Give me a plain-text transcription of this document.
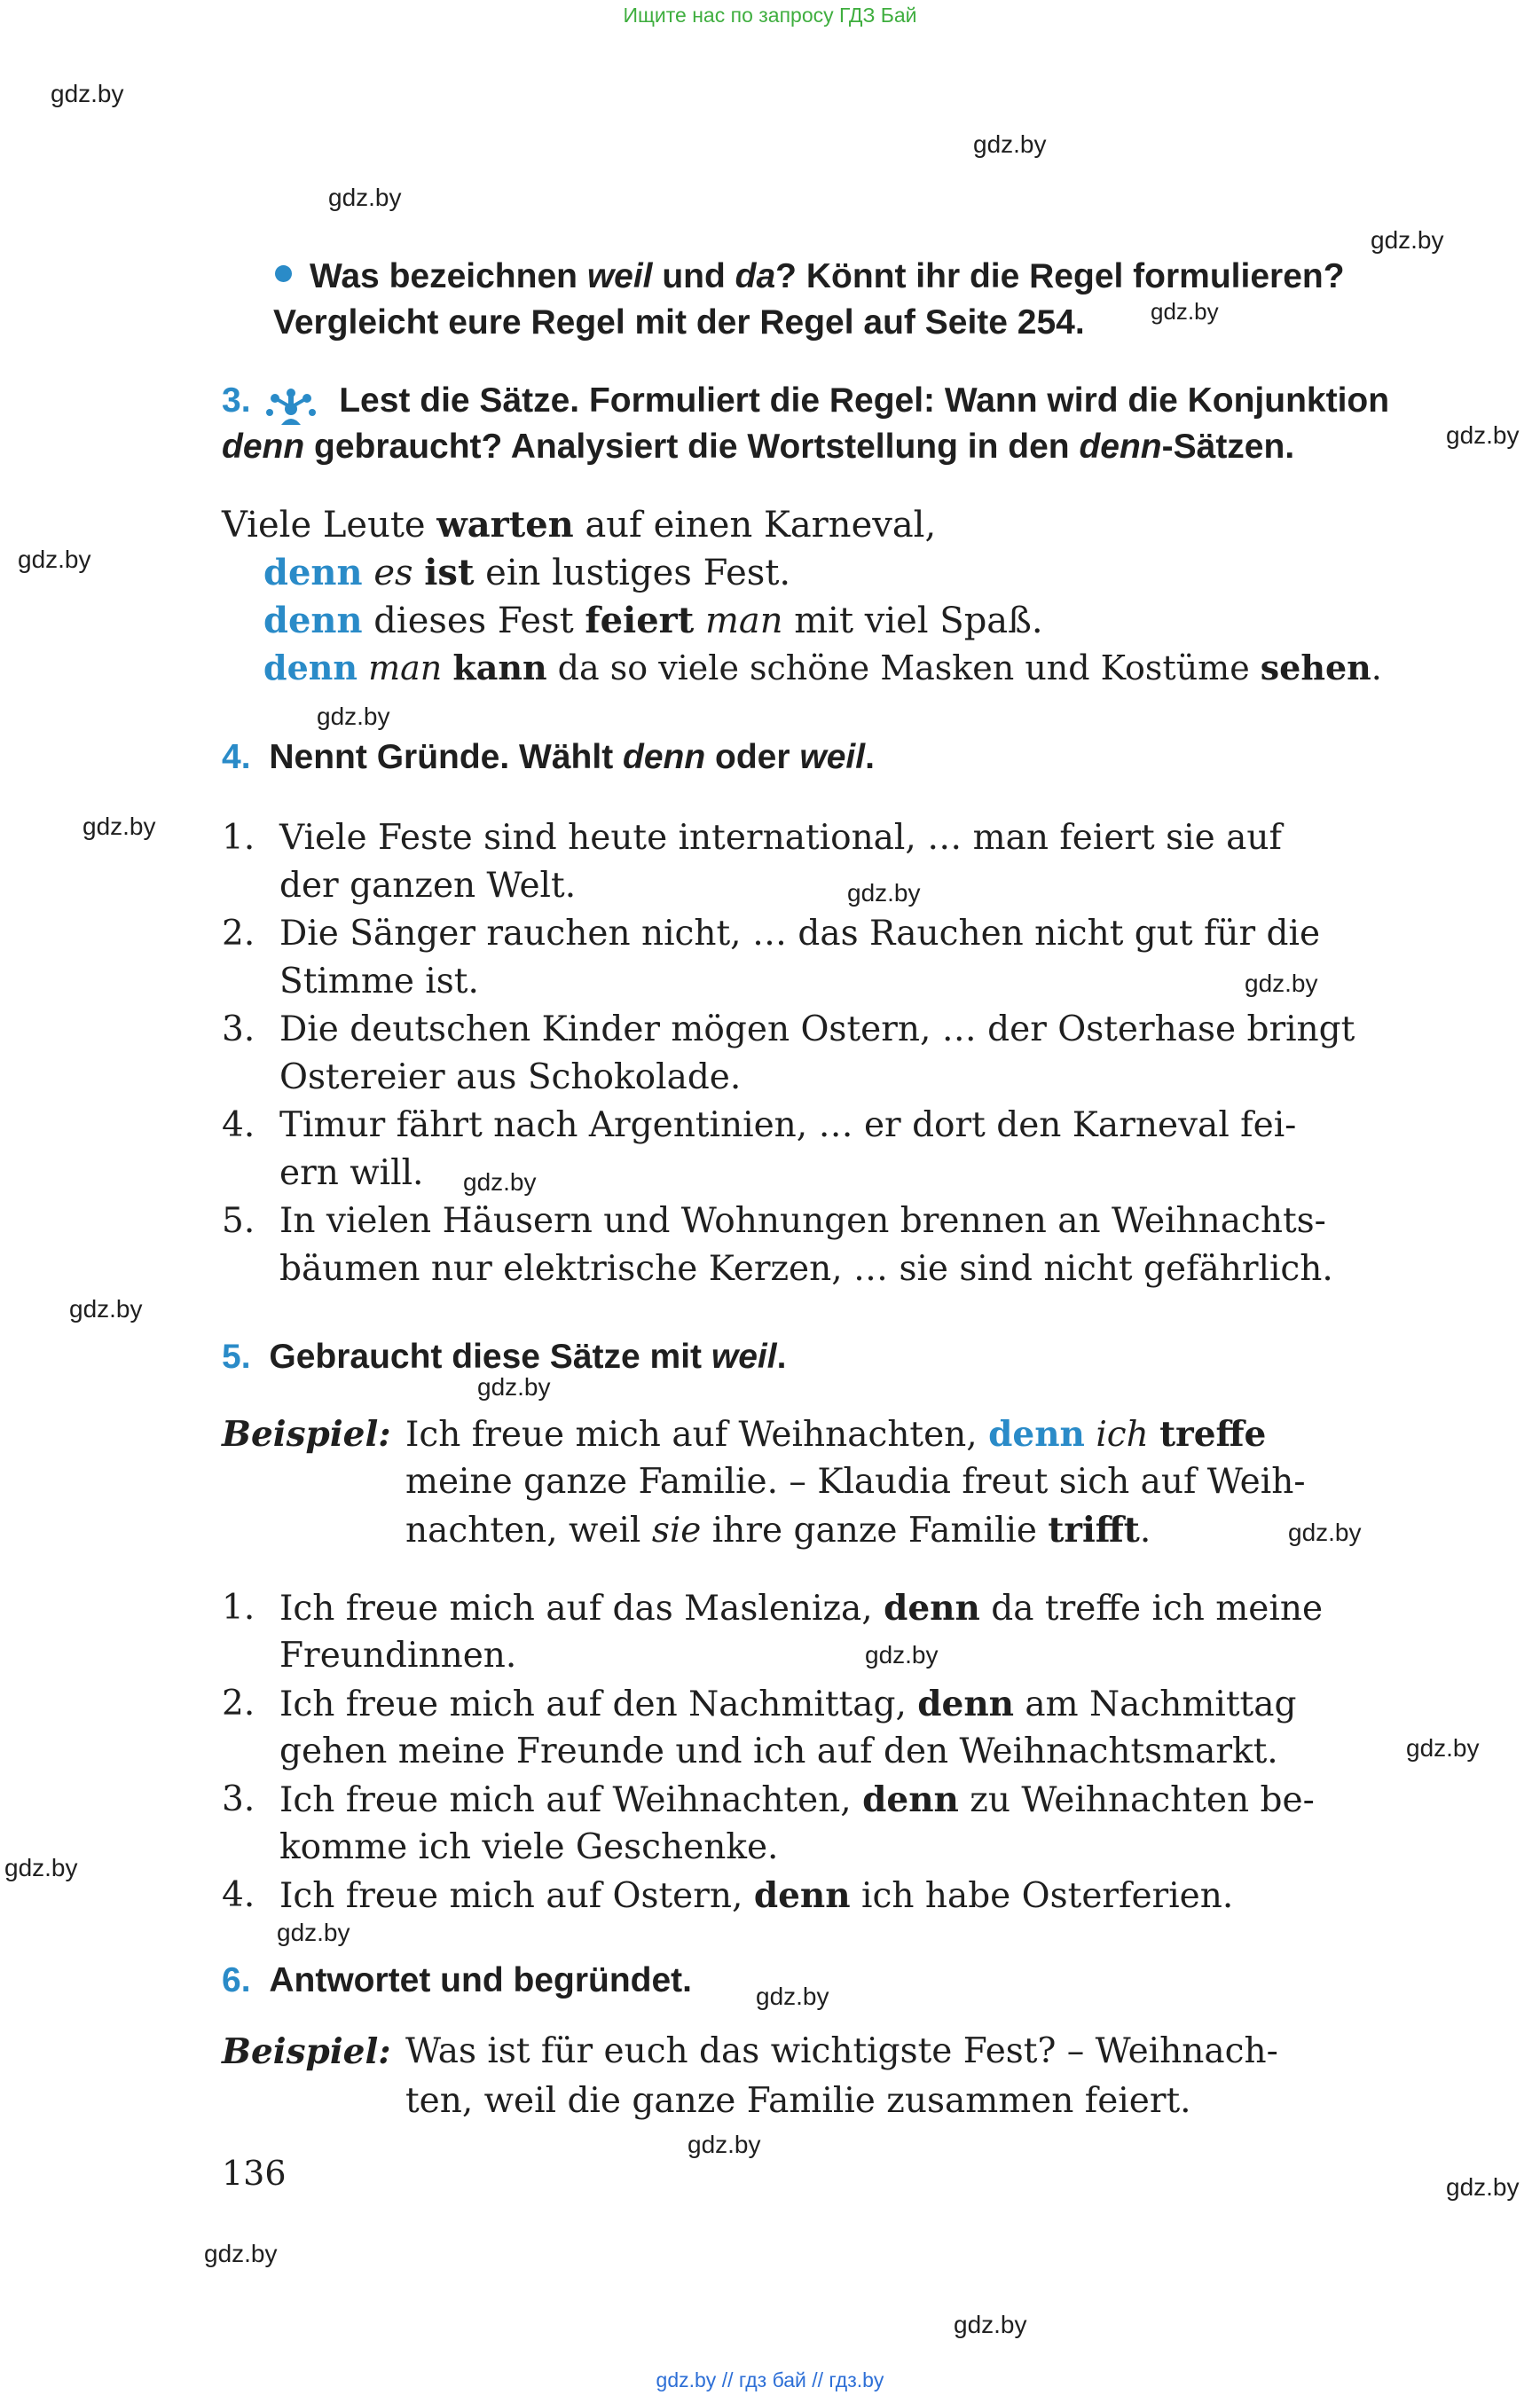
Ищите нас по запросу ГДЗ Бай
gdz.by
gdz.by
gdz.by
gdz.by
gdz.by
gdz.by
gdz.by
gdz.by
gdz.by
gdz.by
gdz.by
gdz.by
gdz.by
gdz.by
gdz.by
gdz.by
gdz.by
gdz.by
gdz.by
gdz.by
gdz.by
gdz.by
gdz.by
gdz.by
Was bezeichnen weil und da? Könnt ihr die Regel formulieren?
Vergleicht eure Regel mit der Regel auf Seite 254.
3.	Lest die Sätze. Formuliert die Regel: Wann wird die Konjunktion
denn gebraucht? Analysiert die Wortstellung in den denn-Sätzen.
Viele Leute warten auf einen Karneval,
denn es ist ein lustiges Fest.
denn dieses Fest feiert man mit viel Spaß.
denn man kann da so viele schöne Masken und Kostüme sehen.
4. Nennt Gründe. Wählt denn oder weil.
1. Viele Feste sind heute international, … man feiert sie auf
der ganzen Welt.
2. Die Sänger rauchen nicht, … das Rauchen nicht gut für die
Stimme ist.
3. Die deutschen Kinder mögen Ostern, … der Osterhase bringt
Ostereier aus Schokolade.
4. Timur fährt nach Argentinien, … er dort den Karneval fei-
ern will.
5. In vielen Häusern und Wohnungen brennen an Weihnachts-
bäumen nur elektrische Kerzen, … sie sind nicht gefährlich.
5. Gebraucht diese Sätze mit weil.
Beispiel: Ich freue mich auf Weihnachten, denn ich treffe
meine ganze Familie. – Klaudia freut sich auf Weih-
nachten, weil sie ihre ganze Familie trifft.
1. Ich freue mich auf das Masleniza, denn da treffe ich meine
Freundinnen.
2. Ich freue mich auf den Nachmittag, denn am Nachmittag
gehen meine Freunde und ich auf den Weihnachtsmarkt.
3. Ich freue mich auf Weihnachten, denn zu Weihnachten be-
komme ich viele Geschenke.
4. Ich freue mich auf Ostern, denn ich habe Osterferien.
6. Antwortet und begründet.
Beispiel: Was ist für euch das wichtigste Fest? – Weihnach-
ten, weil die ganze Familie zusammen feiert.
136
gdz.by // гдз бай // гдз.by
